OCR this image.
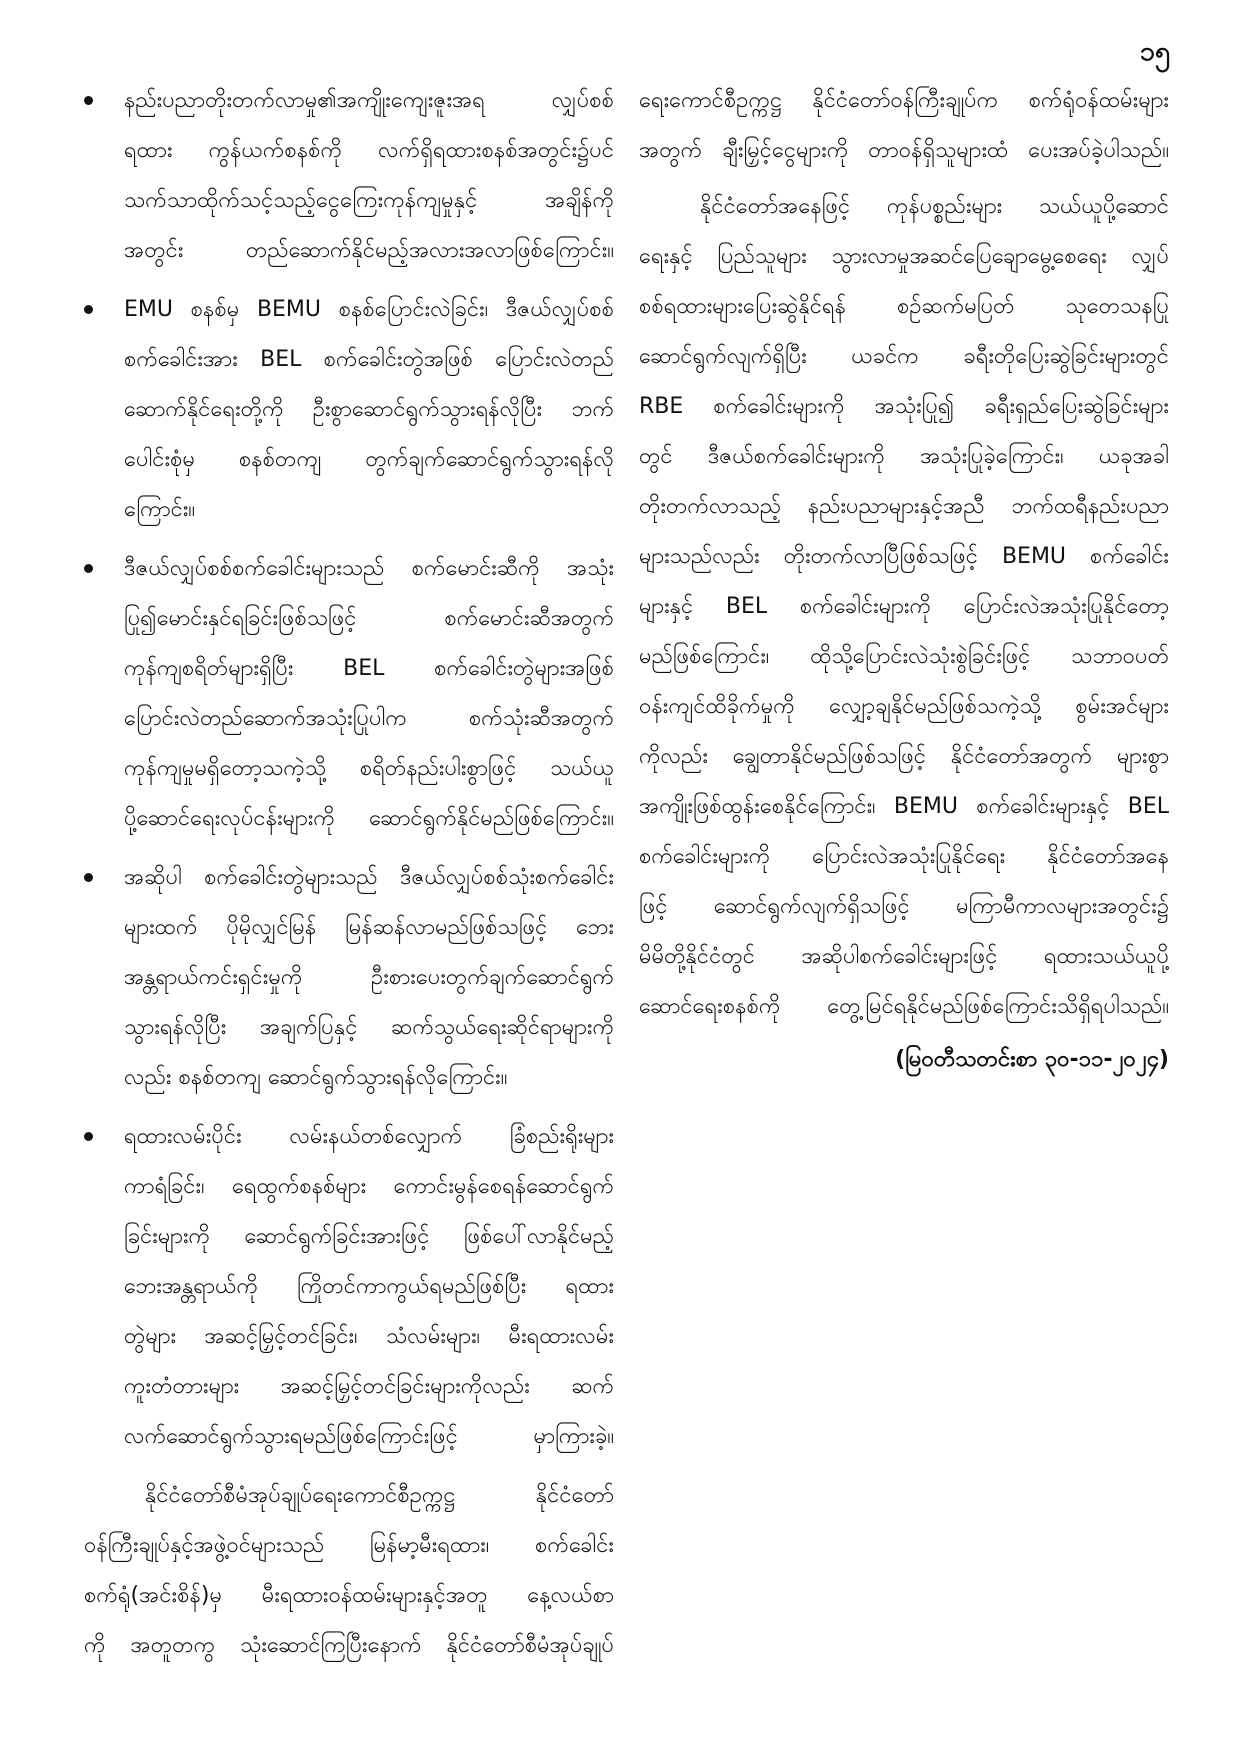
၁၅
နည်းပညာတိုးတက်လာမှု၏အကျိုးကျေးဇူးအရ လျှပ်စစ်
ရထား ကွန်ယက်စနစ်ကို လက်ရှိရထားစနစ်အတွင်း၌ပင်
သက်သာထိုက်သင့်သည့်ငွေကြေးကုန်ကျမှုနှင့် အချိန်ကို
အတွင်း တည်ဆောက်နိုင်မည့်အလားအလာဖြစ်ကြောင်း။
EMU စနစ်မှ BEMU စနစ်ပြောင်းလဲခြင်း၊ ဒီဇယ်လျှပ်စစ်
စက်ခေါင်းအား BEL စက်ခေါင်းတွဲအဖြစ် ပြောင်းလဲတည်
ဆောက်နိုင်ရေးတို့ကို ဦးစွာဆောင်ရွက်သွားရန်လိုပြီး ဘက်
ပေါင်းစုံမှ စနစ်တကျ တွက်ချက်ဆောင်ရွက်သွားရန်လို
ကြောင်း။
ဒီဇယ်လျှပ်စစ်စက်ခေါင်းများသည် စက်မောင်းဆီကို အသုံး
ပြု၍မောင်းနှင်ရခြင်းဖြစ်သဖြင့် စက်မောင်းဆီအတွက်
ကုန်ကျစရိတ်များရှိပြီး BEL စက်ခေါင်းတွဲများအဖြစ်
ပြောင်းလဲတည်ဆောက်အသုံးပြုပါက စက်သုံးဆီအတွက်
ကုန်ကျမှုမရှိတော့သကဲ့သို့ စရိတ်နည်းပါးစွာဖြင့် သယ်ယူ
ပို့ဆောင်ရေးလုပ်ငန်းများကို ဆောင်ရွက်နိုင်မည်ဖြစ်ကြောင်း။
အဆိုပါ စက်ခေါင်းတွဲများသည် ဒီဇယ်လျှပ်စစ်သုံးစက်ခေါင်း
များထက် ပိုမိုလျှင်မြန် မြန်ဆန်လာမည်ဖြစ်သဖြင့် ဘေး
အန္တရာယ်ကင်းရှင်းမှုကို ဦးစားပေးတွက်ချက်ဆောင်ရွက်
သွားရန်လိုပြီး အချက်ပြနှင့် ဆက်သွယ်ရေးဆိုင်ရာများကို
လည်း စနစ်တကျ ဆောင်ရွက်သွားရန်လိုကြောင်း။
ရထားလမ်းပိုင်း လမ်းနယ်တစ်လျှောက် ခြံစည်းရိုးများ
ကာရံခြင်း၊ ရေထွက်စနစ်များ ကောင်းမွန်စေရန်ဆောင်ရွက်
ခြင်းများကို ဆောင်ရွက်ခြင်းအားဖြင့် ဖြစ်ပေါ်လာနိုင်မည့်
ဘေးအန္တရာယ်ကို ကြိုတင်ကာကွယ်ရမည်ဖြစ်ပြီး ရထား
တွဲများ အဆင့်မြှင့်တင်ခြင်း၊ သံလမ်းများ၊ မီးရထားလမ်း
ကူးတံတားများ အဆင့်မြှင့်တင်ခြင်းများကိုလည်း ဆက်
လက်ဆောင်ရွက်သွားရမည်ဖြစ်ကြောင်းဖြင့် မှာကြားခဲ့။
နိုင်ငံတော်စီမံအုပ်ချုပ်ရေးကောင်စီဥက္ကဋ္ဌ နိုင်ငံတော်
ဝန်ကြီးချုပ်နှင့်အဖွဲ့ဝင်များသည် မြန်မာ့မီးရထား၊ စက်ခေါင်း
စက်ရုံ(အင်းစိန်)မှ မီးရထားဝန်ထမ်းများနှင့်အတူ နေ့လယ်စာ
ကို အတူတကွ သုံးဆောင်ကြပြီးနောက် နိုင်ငံတော်စီမံအုပ်ချုပ်
ရေးကောင်စီဥက္ကဋ္ဌ နိုင်ငံတော်ဝန်ကြီးချုပ်က စက်ရုံဝန်ထမ်းများ
အတွက် ချီးမြှင့်ငွေများကို တာဝန်ရှိသူများထံ ပေးအပ်ခဲ့ပါသည်။
နိုင်ငံတော်အနေဖြင့် ကုန်ပစ္စည်းများ သယ်ယူပို့ဆောင်
ရေးနှင့် ပြည်သူများ သွားလာမှုအဆင်ပြေချောမွေ့စေရေး လျှပ်
စစ်ရထားများပြေးဆွဲနိုင်ရန် စဉ်ဆက်မပြတ် သုတေသနပြု
ဆောင်ရွက်လျက်ရှိပြီး ယခင်က ခရီးတိုပြေးဆွဲခြင်းများတွင်
RBE စက်ခေါင်းများကို အသုံးပြု၍ ခရီးရှည်ပြေးဆွဲခြင်းများ
တွင် ဒီဇယ်စက်ခေါင်းများကို အသုံးပြုခဲ့ကြောင်း၊ ယခုအခါ
တိုးတက်လာသည့် နည်းပညာများနှင့်အညီ ဘက်ထရီနည်းပညာ
များသည်လည်း တိုးတက်လာပြီဖြစ်သဖြင့် BEMU စက်ခေါင်း
များနှင့် BEL စက်ခေါင်းများကို ပြောင်းလဲအသုံးပြုနိုင်တော့
မည်ဖြစ်ကြောင်း၊ ထိုသို့ပြောင်းလဲသုံးစွဲခြင်းဖြင့် သဘာဝပတ်
ဝန်းကျင်ထိခိုက်မှုကို လျှော့ချနိုင်မည်ဖြစ်သကဲ့သို့ စွမ်းအင်များ
ကိုလည်း ချွေတာနိုင်မည်ဖြစ်သဖြင့် နိုင်ငံတော်အတွက် များစွာ
အကျိုးဖြစ်ထွန်းစေနိုင်ကြောင်း၊ BEMU စက်ခေါင်းများနှင့် BEL
စက်ခေါင်းများကို ပြောင်းလဲအသုံးပြုနိုင်ရေး နိုင်ငံတော်အနေ
ဖြင့် ဆောင်ရွက်လျက်ရှိသဖြင့် မကြာမီကာလများအတွင်း၌
မိမိတို့နိုင်ငံတွင် အဆိုပါစက်ခေါင်းများဖြင့် ရထားသယ်ယူပို့
ဆောင်ရေးစနစ်ကို တွေ့မြင်ရနိုင်မည်ဖြစ်ကြောင်းသိရှိရပါသည်။
(မြဝတီသတင်းစာ ၃၀-၁၁-၂၀၂၄)
